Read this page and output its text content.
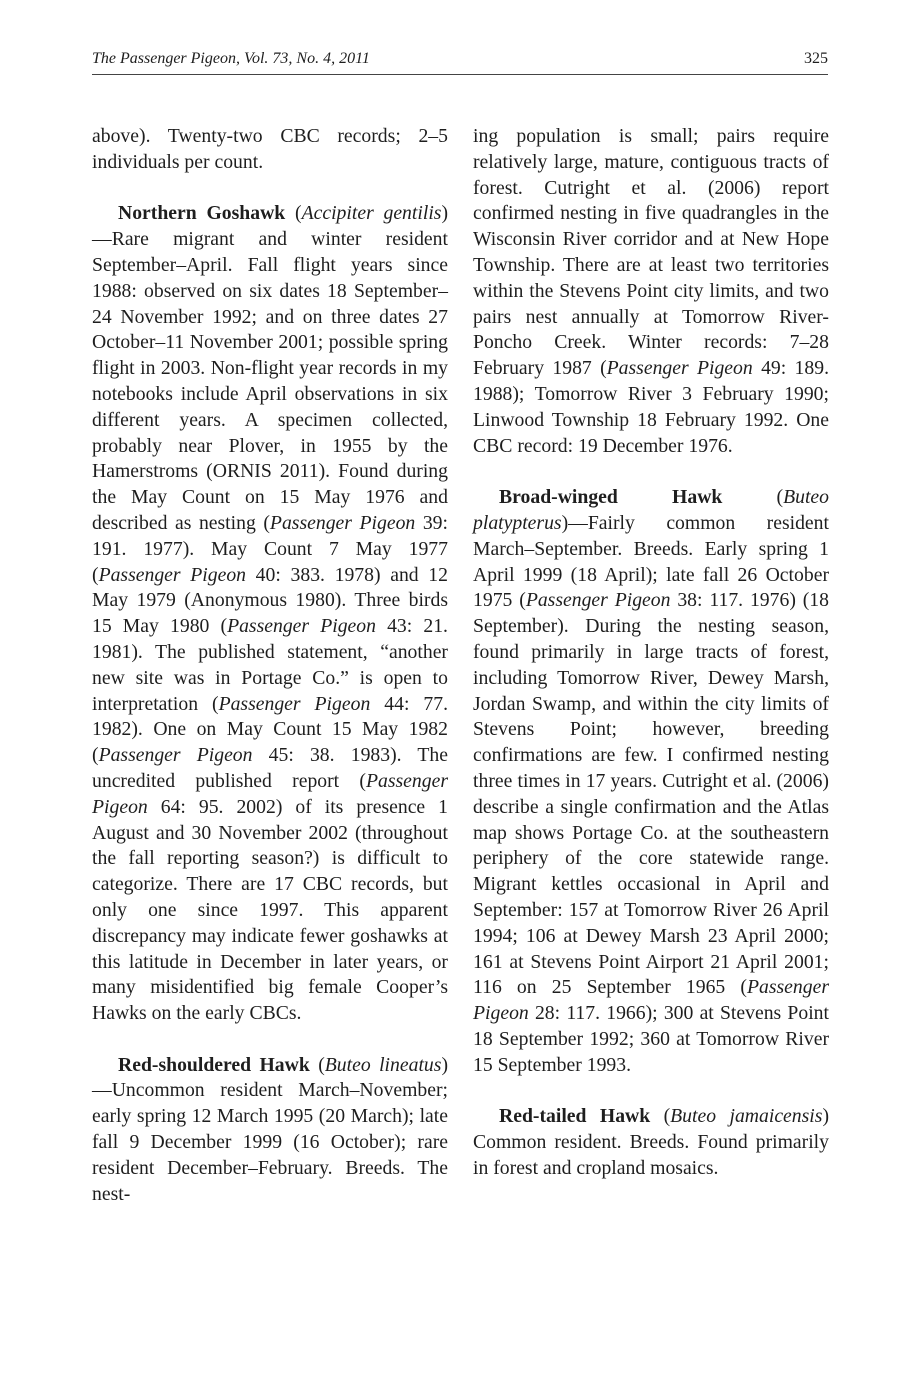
The Passenger Pigeon, Vol. 73, No. 4, 2011	325

above). Twenty-two CBC records; 2–5 individuals per count.

Northern Goshawk (Accipiter gentilis)—Rare migrant and winter resident September–April. Fall flight years since 1988: observed on six dates 18 September–24 November 1992; and on three dates 27 October–11 November 2001; possible spring flight in 2003. Non-flight year records in my notebooks include April observations in six different years. A specimen collected, probably near Plover, in 1955 by the Hamerstroms (ORNIS 2011). Found during the May Count on 15 May 1976 and described as nesting (Passenger Pigeon 39: 191. 1977). May Count 7 May 1977 (Passenger Pigeon 40: 383. 1978) and 12 May 1979 (Anonymous 1980). Three birds 15 May 1980 (Passenger Pigeon 43: 21. 1981). The published statement, “another new site was in Portage Co.” is open to interpretation (Passenger Pigeon 44: 77. 1982). One on May Count 15 May 1982 (Passenger Pigeon 45: 38. 1983). The uncredited published report (Passenger Pigeon 64: 95. 2002) of its presence 1 August and 30 November 2002 (throughout the fall reporting season?) is difficult to categorize. There are 17 CBC records, but only one since 1997. This apparent discrepancy may indicate fewer goshawks at this latitude in December in later years, or many misidentified big female Cooper’s Hawks on the early CBCs.

Red-shouldered Hawk (Buteo lineatus)—Uncommon resident March–November; early spring 12 March 1995 (20 March); late fall 9 December 1999 (16 October); rare resident December–February. Breeds. The nest-

ing population is small; pairs require relatively large, mature, contiguous tracts of forest. Cutright et al. (2006) report confirmed nesting in five quadrangles in the Wisconsin River corridor and at New Hope Township. There are at least two territories within the Stevens Point city limits, and two pairs nest annually at Tomorrow River-Poncho Creek. Winter records: 7–28 February 1987 (Passenger Pigeon 49: 189. 1988); Tomorrow River 3 February 1990; Linwood Township 18 February 1992. One CBC record: 19 December 1976.

Broad-winged Hawk (Buteo platypterus)—Fairly common resident March–September. Breeds. Early spring 1 April 1999 (18 April); late fall 26 October 1975 (Passenger Pigeon 38: 117. 1976) (18 September). During the nesting season, found primarily in large tracts of forest, including Tomorrow River, Dewey Marsh, Jordan Swamp, and within the city limits of Stevens Point; however, breeding confirmations are few. I confirmed nesting three times in 17 years. Cutright et al. (2006) describe a single confirmation and the Atlas map shows Portage Co. at the southeastern periphery of the core statewide range. Migrant kettles occasional in April and September: 157 at Tomorrow River 26 April 1994; 106 at Dewey Marsh 23 April 2000; 161 at Stevens Point Airport 21 April 2001; 116 on 25 September 1965 (Passenger Pigeon 28: 117. 1966); 300 at Stevens Point 18 September 1992; 360 at Tomorrow River 15 September 1993.

Red-tailed Hawk (Buteo jamaicensis) Common resident. Breeds. Found primarily in forest and cropland mosaics.
